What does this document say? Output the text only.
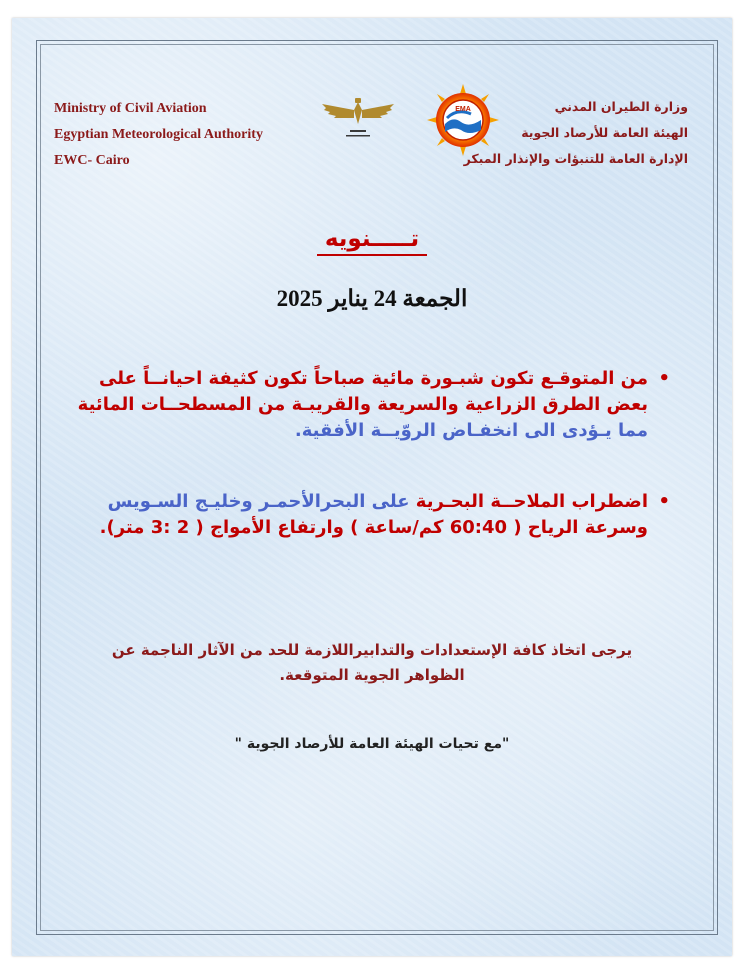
Ministry of Civil Aviation
Egyptian Meteorological Authority
EWC- Cairo
EMA	وزارة الطيران المدني
الهيئة العامة للأرصاد الجوية
الإدارة العامة للتنبؤات والإنذار المبكر
تـــــنويه
الجمعة 24 يناير 2025
• من المتوقـع تكون شبـورة مائية صباحاً تكون كثيفة احيانــاً على بعض الطرق الزراعية والسريعة والقريبـة من المسطحــات المائية مما يـؤدى الى انخفـاض الروّيــة الأفقية.
• اضطراب الملاحــة البحـرية على البحرالأحمـر وخليـج السـويس
وسرعة الرياح ( 60:40 كم/ساعة ) وارتفاع الأمواج ( 2 :3 متر).
يرجى اتخاذ كافة الإستعدادات والتدابيراللازمة للحد من الآثار الناجمة عن الظواهر الجوية المتوقعة.
"مع تحيات الهيئة العامة للأرصاد الجوية "
